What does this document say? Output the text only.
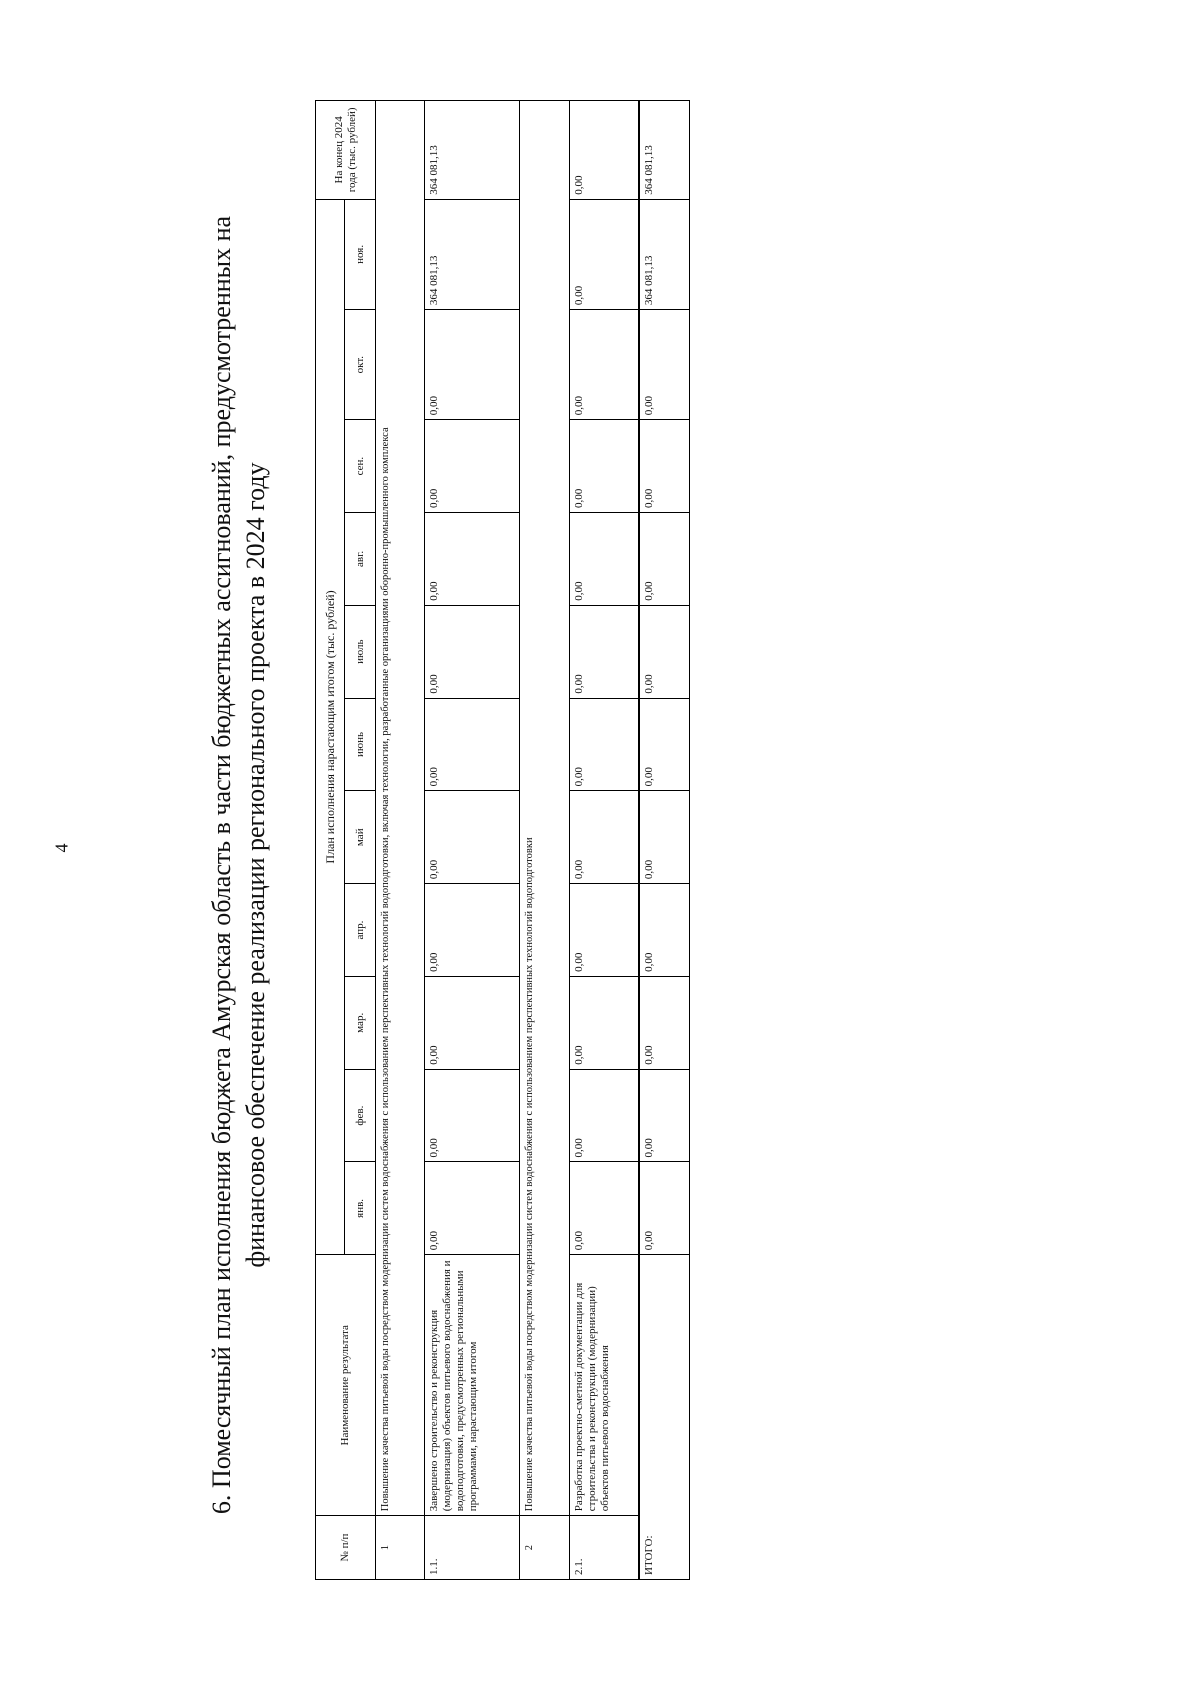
4	6. Помесячный план исполнения бюджета Амурская область в части бюджетных ассигнований, предусмотренных на финансовое обеспечение реализации регионального проекта в 2024 году
№ п/п	Наименование результата	План исполнения нарастающим итогом (тыс. рублей)											На конец 2024 года (тыс. рублей)
		янв.	фев.	мар.	апр.	май	июнь	июль	авг.	сен.	окт.	ноя.	
1	Повышение качества питьевой воды посредством модернизации систем водоснабжения с использованием перспективных технологий водоподготовки, включая технологии, разработанные организациями оборонно-промышленного комплекса												
1.1.	Завершено строительство и реконструкция (модернизация) объектов питьевого водоснабжения и водоподготовки, предусмотренных региональными программами, нарастающим итогом	0,00	0,00	0,00	0,00	0,00	0,00	0,00	0,00	0,00	0,00	364 081,13	364 081,13
2	Повышение качества питьевой воды посредством модернизации систем водоснабжения с использованием перспективных технологий водоподготовки												
2.1.	Разработка проектно-сметной документации для строительства и реконструкции (модернизации) объектов питьевого водоснабжения	0,00	0,00	0,00	0,00	0,00	0,00	0,00	0,00	0,00	0,00	0,00	0,00
ИТОГО:		0,00	0,00	0,00	0,00	0,00	0,00	0,00	0,00	0,00	0,00	364 081,13	364 081,13
